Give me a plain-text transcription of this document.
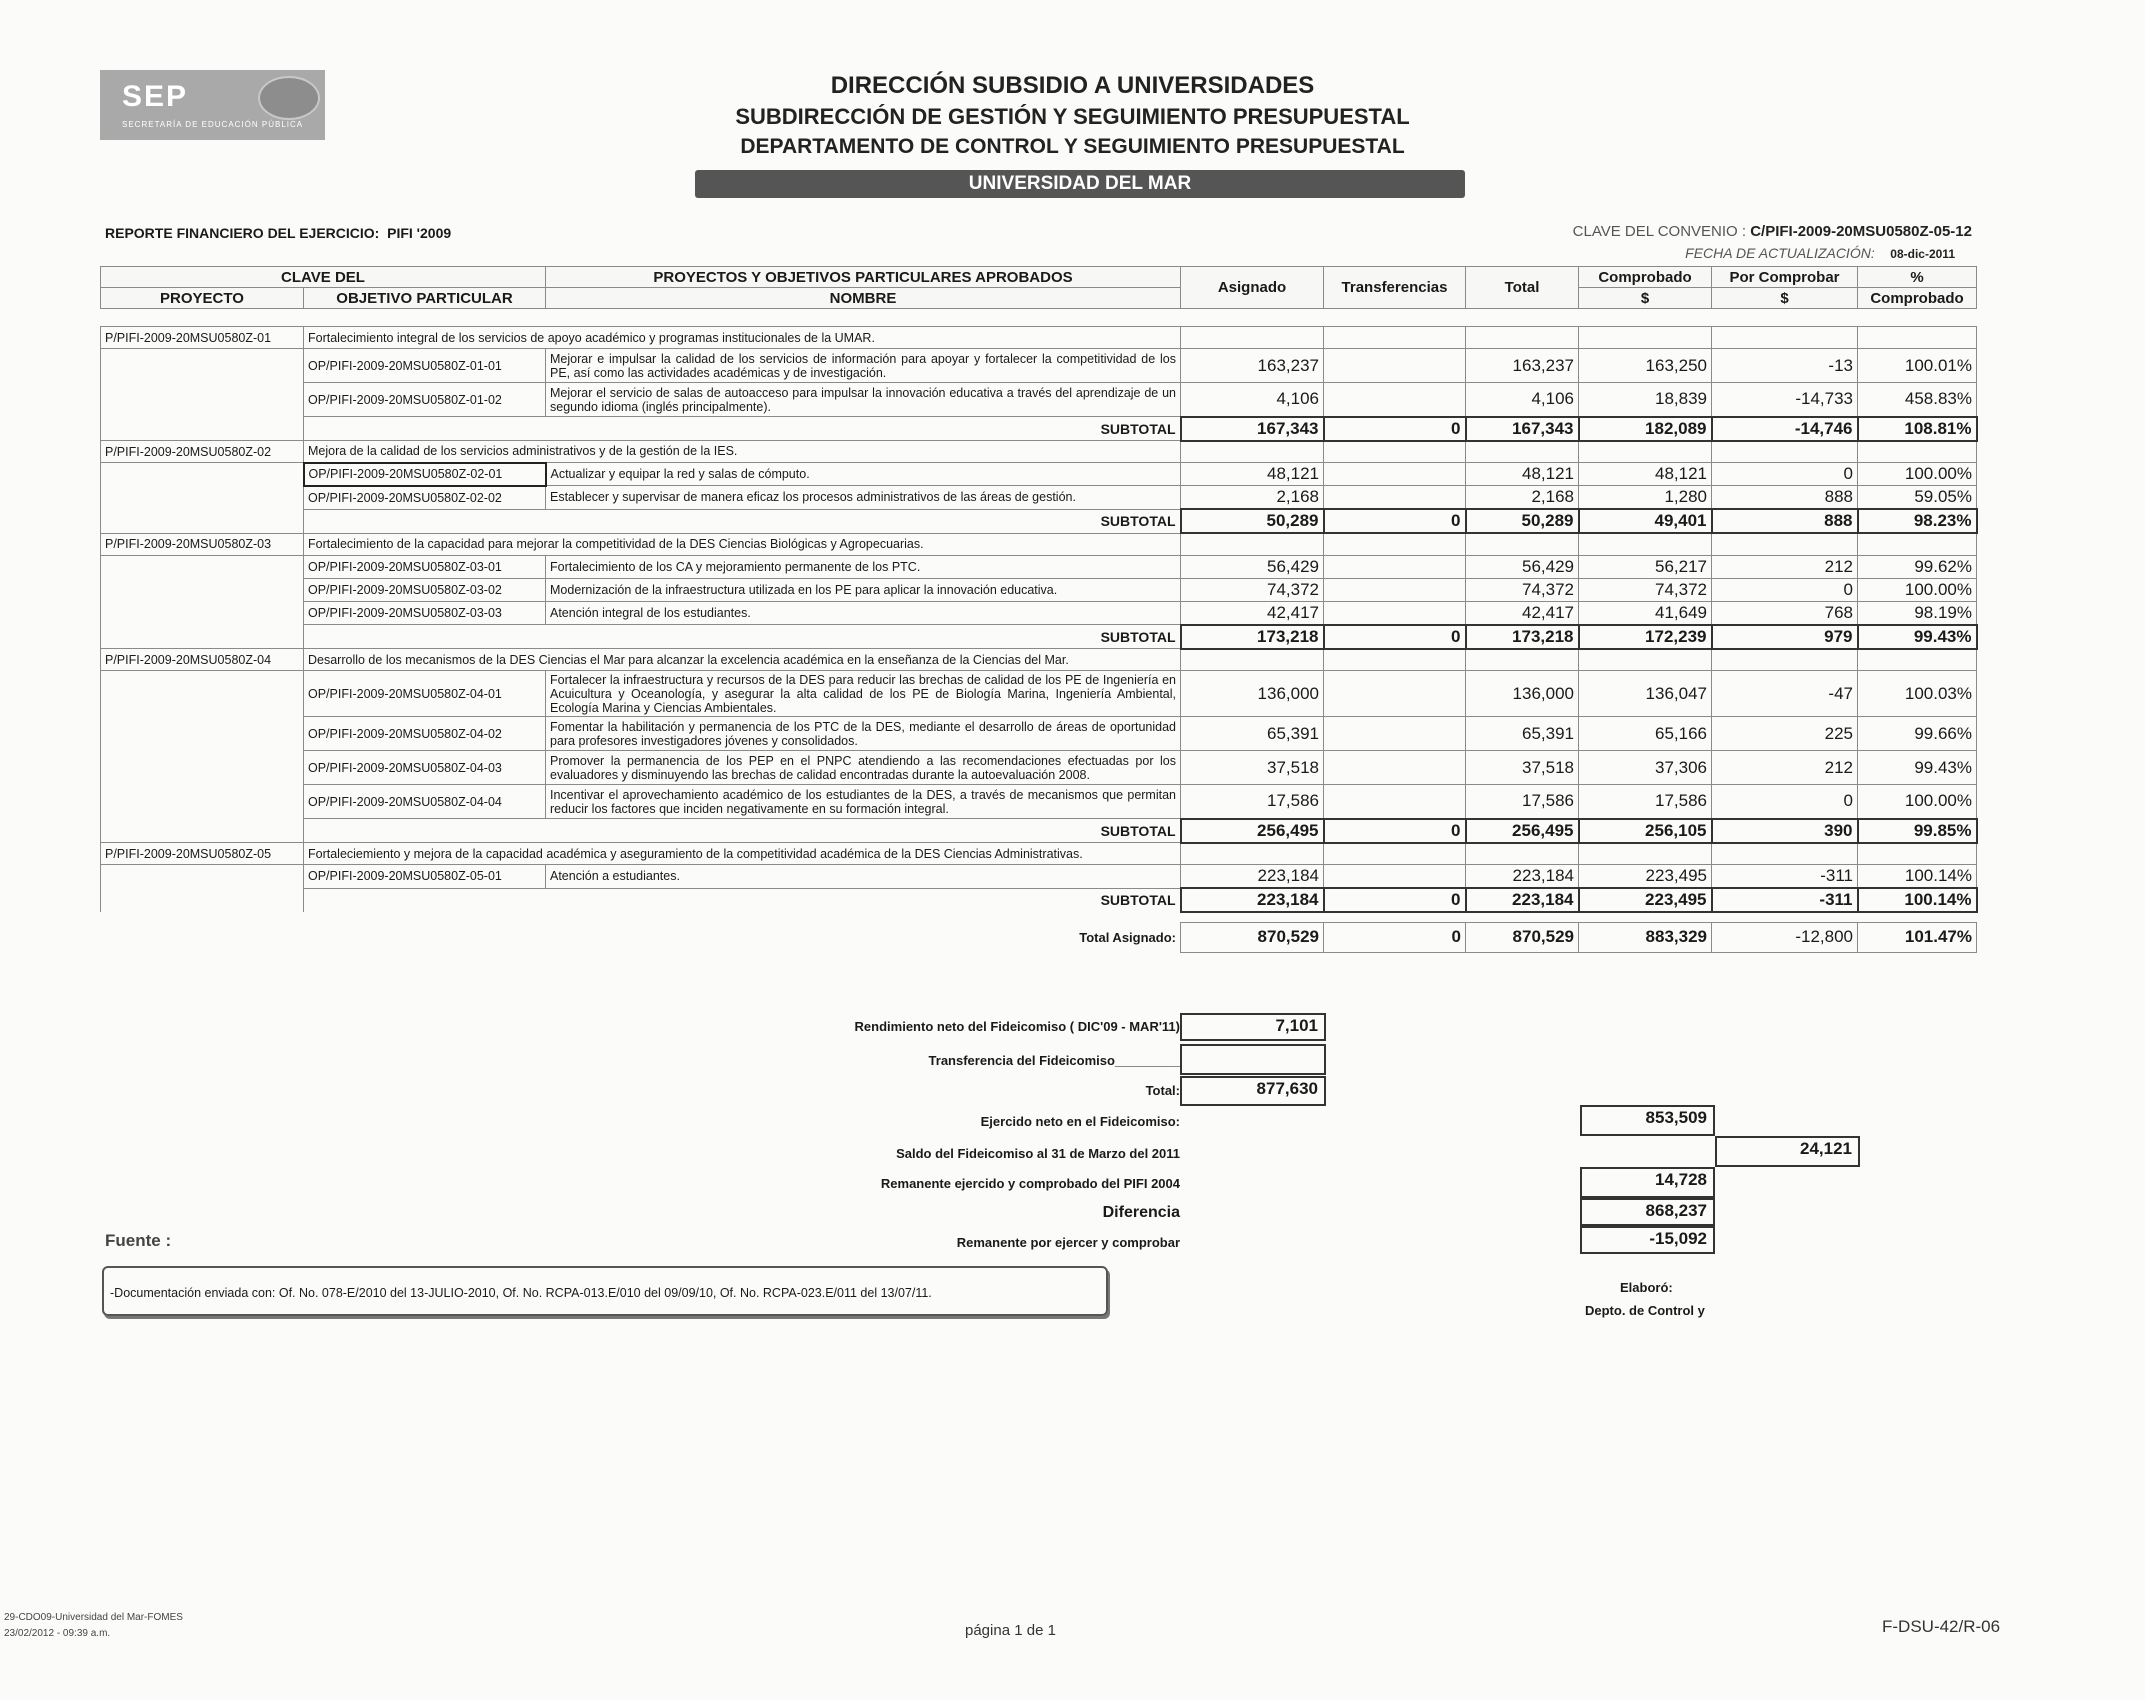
SEP
SECRETARÍA DE EDUCACIÓN PÚBLICA
DIRECCIÓN SUBSIDIO A UNIVERSIDADES
SUBDIRECCIÓN DE GESTIÓN Y SEGUIMIENTO PRESUPUESTAL
DEPARTAMENTO DE CONTROL Y SEGUIMIENTO PRESUPUESTAL
UNIVERSIDAD DEL MAR
REPORTE FINANCIERO DEL EJERCICIO: PIFI '2009	CLAVE DEL CONVENIO : C/PIFI-2009-20MSU0580Z-05-12
FECHA DE ACTUALIZACIÓN: 08-dic-2011
CLAVE DEL		PROYECTOS Y OBJETIVOS PARTICULARES APROBADOS	Asignado	Transferencias	Total	Comprobado	Por Comprobar	%
PROYECTO	OBJETIVO PARTICULAR	NOMBRE				$	$	Comprobado

P/PIFI-2009-20MSU0580Z-01	Fortalecimiento integral de los servicios de apoyo académico y programas institucionales de la UMAR.							
	OP/PIFI-2009-20MSU0580Z-01-01	Mejorar e impulsar la calidad de los servicios de información para apoyar y fortalecer la competitividad de los PE, así como las actividades académicas y de investigación.	163,237		163,237	163,250	-13	100.01%
	OP/PIFI-2009-20MSU0580Z-01-02	Mejorar el servicio de salas de autoacceso para impulsar la innovación educativa a través del aprendizaje de un segundo idioma (inglés principalmente).	4,106		4,106	18,839	-14,733	458.83%
	SUBTOTAL		167,343	0	167,343	182,089	-14,746	108.81%
P/PIFI-2009-20MSU0580Z-02	Mejora de la calidad de los servicios administrativos y de la gestión de la IES.							
	OP/PIFI-2009-20MSU0580Z-02-01	Actualizar y equipar la red y salas de cómputo.	48,121		48,121	48,121	0	100.00%
	OP/PIFI-2009-20MSU0580Z-02-02	Establecer y supervisar de manera eficaz los procesos administrativos de las áreas de gestión.	2,168		2,168	1,280	888	59.05%
	SUBTOTAL		50,289	0	50,289	49,401	888	98.23%
P/PIFI-2009-20MSU0580Z-03	Fortalecimiento de la capacidad para mejorar la competitividad de la DES Ciencias Biológicas y Agropecuarias.							
	OP/PIFI-2009-20MSU0580Z-03-01	Fortalecimiento de los CA y mejoramiento permanente de los PTC.	56,429		56,429	56,217	212	99.62%
	OP/PIFI-2009-20MSU0580Z-03-02	Modernización de la infraestructura utilizada en los PE para aplicar la innovación educativa.	74,372		74,372	74,372	0	100.00%
	OP/PIFI-2009-20MSU0580Z-03-03	Atención integral de los estudiantes.	42,417		42,417	41,649	768	98.19%
	SUBTOTAL		173,218	0	173,218	172,239	979	99.43%
P/PIFI-2009-20MSU0580Z-04	Desarrollo de los mecanismos de la DES Ciencias el Mar para alcanzar la excelencia académica en la enseñanza de la Ciencias del Mar.							
	OP/PIFI-2009-20MSU0580Z-04-01	Fortalecer la infraestructura y recursos de la DES para reducir las brechas de calidad de los PE de Ingeniería en Acuicultura y Oceanología, y asegurar la alta calidad de los PE de Biología Marina, Ingeniería Ambiental, Ecología Marina y Ciencias Ambientales.	136,000		136,000	136,047	-47	100.03%
	OP/PIFI-2009-20MSU0580Z-04-02	Fomentar la habilitación y permanencia de los PTC de la DES, mediante el desarrollo de áreas de oportunidad para profesores investigadores jóvenes y consolidados.	65,391		65,391	65,166	225	99.66%
	OP/PIFI-2009-20MSU0580Z-04-03	Promover la permanencia de los PEP en el PNPC atendiendo a las recomendaciones efectuadas por los evaluadores y disminuyendo las brechas de calidad encontradas durante la autoevaluación 2008.	37,518		37,518	37,306	212	99.43%
	OP/PIFI-2009-20MSU0580Z-04-04	Incentivar el aprovechamiento académico de los estudiantes de la DES, a través de mecanismos que permitan reducir los factores que inciden negativamente en su formación integral.	17,586		17,586	17,586	0	100.00%
	SUBTOTAL		256,495	0	256,495	256,105	390	99.85%
P/PIFI-2009-20MSU0580Z-05	Fortaleciemiento y mejora de la capacidad académica y aseguramiento de la competitividad académica de la DES Ciencias Administrativas.							
	OP/PIFI-2009-20MSU0580Z-05-01	Atención a estudiantes.	223,184		223,184	223,495	-311	100.14%
	SUBTOTAL		223,184	0	223,184	223,495	-311	100.14%

Total Asignado:			870,529	0	870,529	883,329	-12,800	101.47%
Rendimiento neto del Fideicomiso ( DIC'09 - MAR'11)	7,101
Transferencia del Fideicomiso_________
Total:	877,630
Ejercido neto en el Fideicomiso:	853,509
Saldo del Fideicomiso al 31 de Marzo del 2011	24,121
Remanente ejercido y comprobado del PIFI 2004	14,728
Diferencia	868,237
Remanente por ejercer y comprobar	-15,092
Fuente :
-Documentación enviada con: Of. No. 078-E/2010 del 13-JULIO-2010, Of. No. RCPA-013.E/010 del 09/09/10, Of. No. RCPA-023.E/011 del 13/07/11.	Elaboró:
Depto. de Control y
29-CDO09-Universidad del Mar-FOMES
23/02/2012 - 09:39 a.m.	página 1 de 1	F-DSU-42/R-06
